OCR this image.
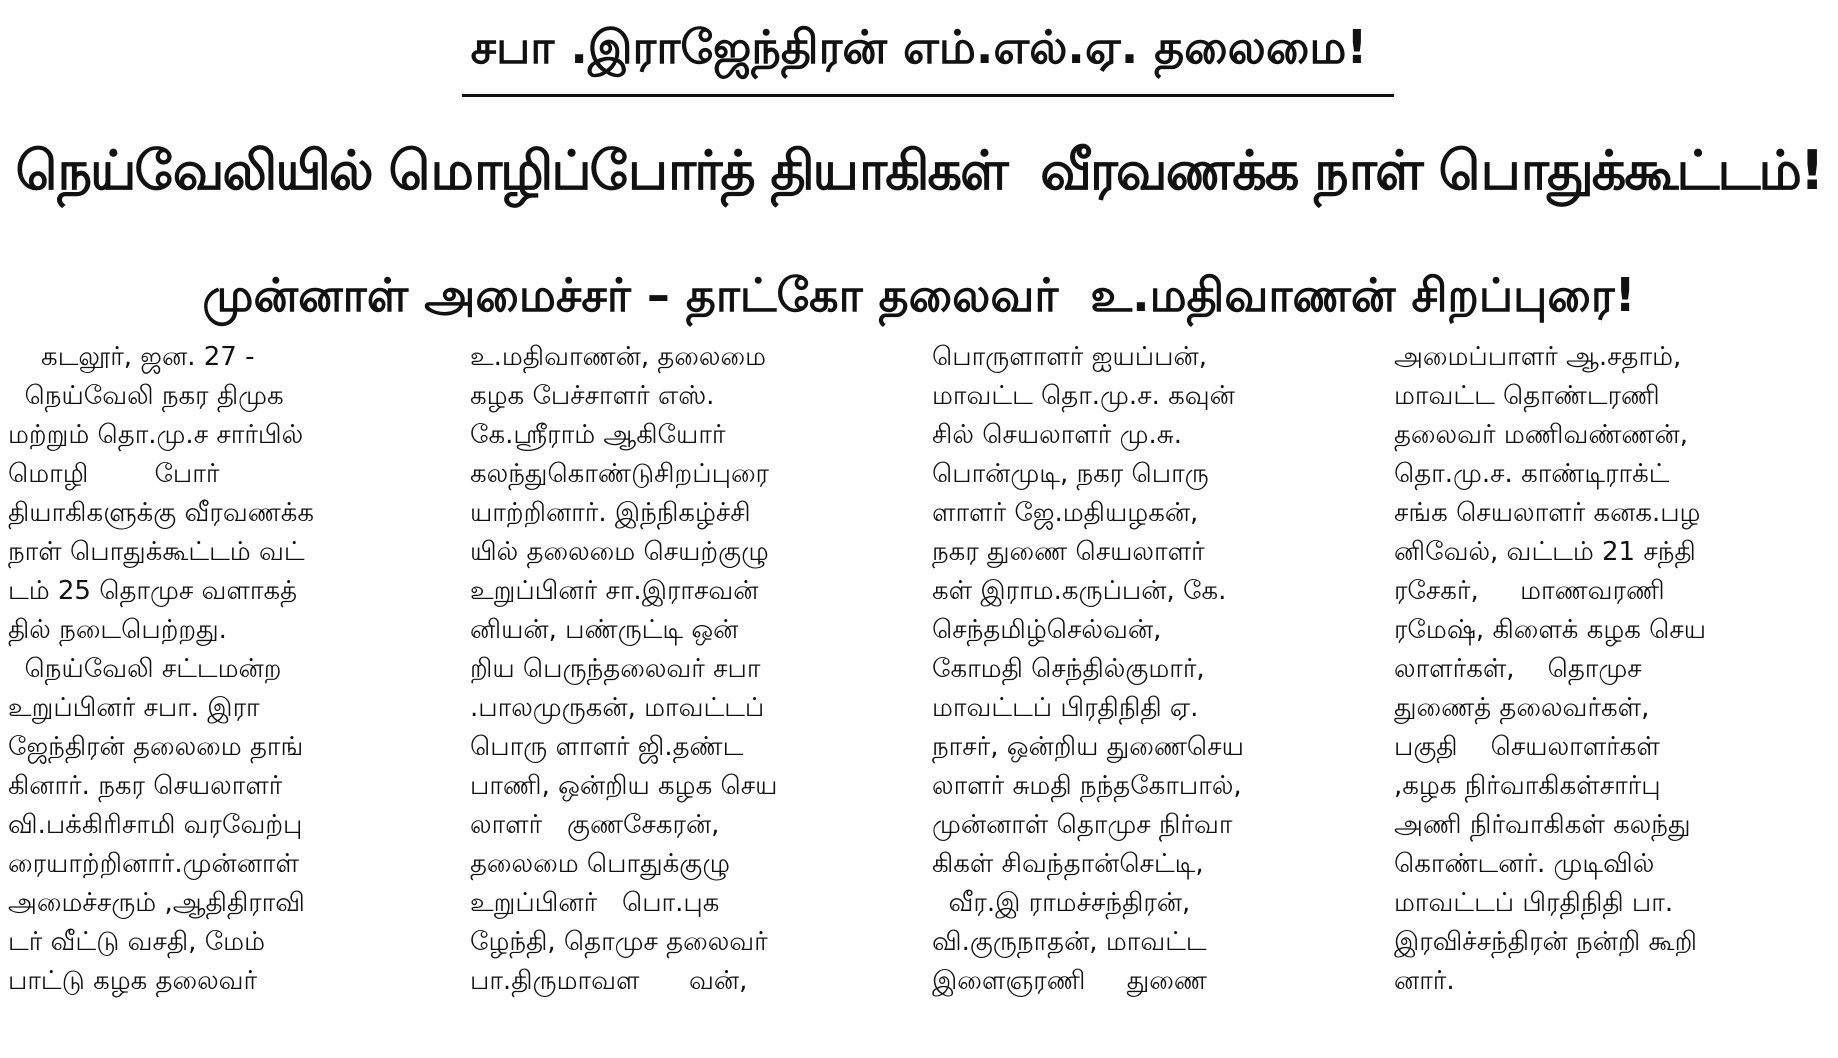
சபா .இராஜேந்திரன் எம்.எல்.ஏ. தலைமை!
நெய்வேலியில் மொழிப்போர்த் தியாகிகள்  வீரவணக்க நாள் பொதுக்கூட்டம்!
முன்னாள் அமைச்சர் – தாட்கோ தலைவர்  உ.மதிவாணன் சிறப்புரை!
கடலூர், ஜன. 27 -
நெய்வேலி நகர திமுக
மற்றும் தொ.மு.ச சார்பில்
மொழி        போர்
தியாகிகளுக்கு வீரவணக்க
நாள் பொதுக்கூட்டம் வட்
டம் 25 தொமுச வளாகத்
தில் நடைபெற்றது.
நெய்வேலி சட்டமன்ற
உறுப்பினர் சபா. இரா
ஜேந்திரன் தலைமை தாங்
கினார். நகர செயலாளர்
வி.பக்கிரிசாமி வரவேற்பு
ரையாற்றினார்.முன்னாள்
அமைச்சரும் ,ஆதிதிராவி
டர் வீட்டு வசதி, மேம்
பாட்டு கழக தலைவர்
உ.மதிவாணன், தலைமை
கழக பேச்சாளர் எஸ்.
கே.ஸ்ரீராம் ஆகியோர்
கலந்துகொண்டுசிறப்புரை
யாற்றினார். இந்நிகழ்ச்சி
யில் தலைமை செயற்குழு
உறுப்பினர் சா.இராசவன்
னியன், பண்ருட்டி ஒன்
றிய பெருந்தலைவர் சபா
.பாலமுருகன், மாவட்டப்
பொரு ளாளர் ஜி.தண்ட
பாணி, ஒன்றிய கழக செய
லாளர்   குணசேகரன்,
தலைமை பொதுக்குழு
உறுப்பினர்   பொ.புக
ழேந்தி, தொமுச தலைவர்
பா.திருமாவள      வன்,
பொருளாளர் ஐயப்பன்,
மாவட்ட தொ.மு.ச. கவுன்
சில் செயலாளர் மு.சு.
பொன்முடி, நகர பொரு
ளாளர் ஜே.மதியழகன்,
நகர துணை செயலாளர்
கள் இராம.கருப்பன், கே.
செந்தமிழ்செல்வன்,
கோமதி செந்தில்குமார்,
மாவட்டப் பிரதிநிதி ஏ.
நாசர், ஒன்றிய துணைசெய
லாளர் சுமதி நந்தகோபால்,
முன்னாள் தொமுச நிர்வா
கிகள் சிவந்தான்செட்டி,
வீர.இ ராமச்சந்திரன்,
வி.குருநாதன், மாவட்ட
இளைஞரணி     துணை
அமைப்பாளர் ஆ.சதாம்,
மாவட்ட தொண்டரணி
தலைவர் மணிவண்ணன்,
தொ.மு.ச. காண்டிராக்ட்
சங்க செயலாளர் கனக.பழ
னிவேல், வட்டம் 21 சந்தி
ரசேகர்,     மாணவரணி
ரமேஷ், கிளைக் கழக செய
லாளர்கள்,    தொமுச
துணைத் தலைவர்கள்,
பகுதி    செயலாளர்கள்
,கழக நிர்வாகிகள்சார்பு
அணி நிர்வாகிகள் கலந்து
கொண்டனர். முடிவில்
மாவட்டப் பிரதிநிதி பா.
இரவிச்சந்திரன் நன்றி கூறி
னார்.
